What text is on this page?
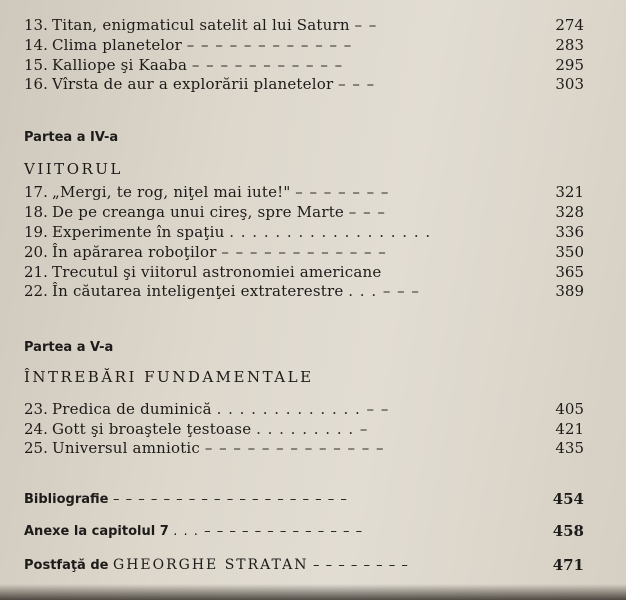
13. Titan, enigmaticul satelit al lui Saturn – –	274
14. Clima planetelor – – – – – – – – – – – –	283
15. Kalliope şi Kaaba – – – – – – – – – – –	295
16. Vîrsta de aur a explorării planetelor – – –	303
Partea a IV-a
VIITORUL
17. „Mergi, te rog, niţel mai iute!" – – – – – – –	321
18. De pe creanga unui cireş, spre Marte – – –	328
19. Experimente în spaţiu . . . . . . . . . . . . . . . . . .	336
20. În apărarea roboţilor – – – – – – – – – – – –	350
21. Trecutul şi viitorul astronomiei americane	365
22. În căutarea inteligenţei extraterestre . . . – – –	389
Partea a V-a
ÎNTREBĂRI FUNDAMENTALE
23. Predica de duminică . . . . . . . . . . . . . – –	405
24. Gott şi broaştele ţestoase . . . . . . . . . –	421
25. Universul amniotic – – – – – – – – – – – – –	435
Bibliografie – – – – – – – – – – – – – – – – – – –	454
Anexe la capitolul 7 . . . – – – – – – – – – – – – –	458
Postfaţă de GHEORGHE STRATAN – – – – – – – –	471
